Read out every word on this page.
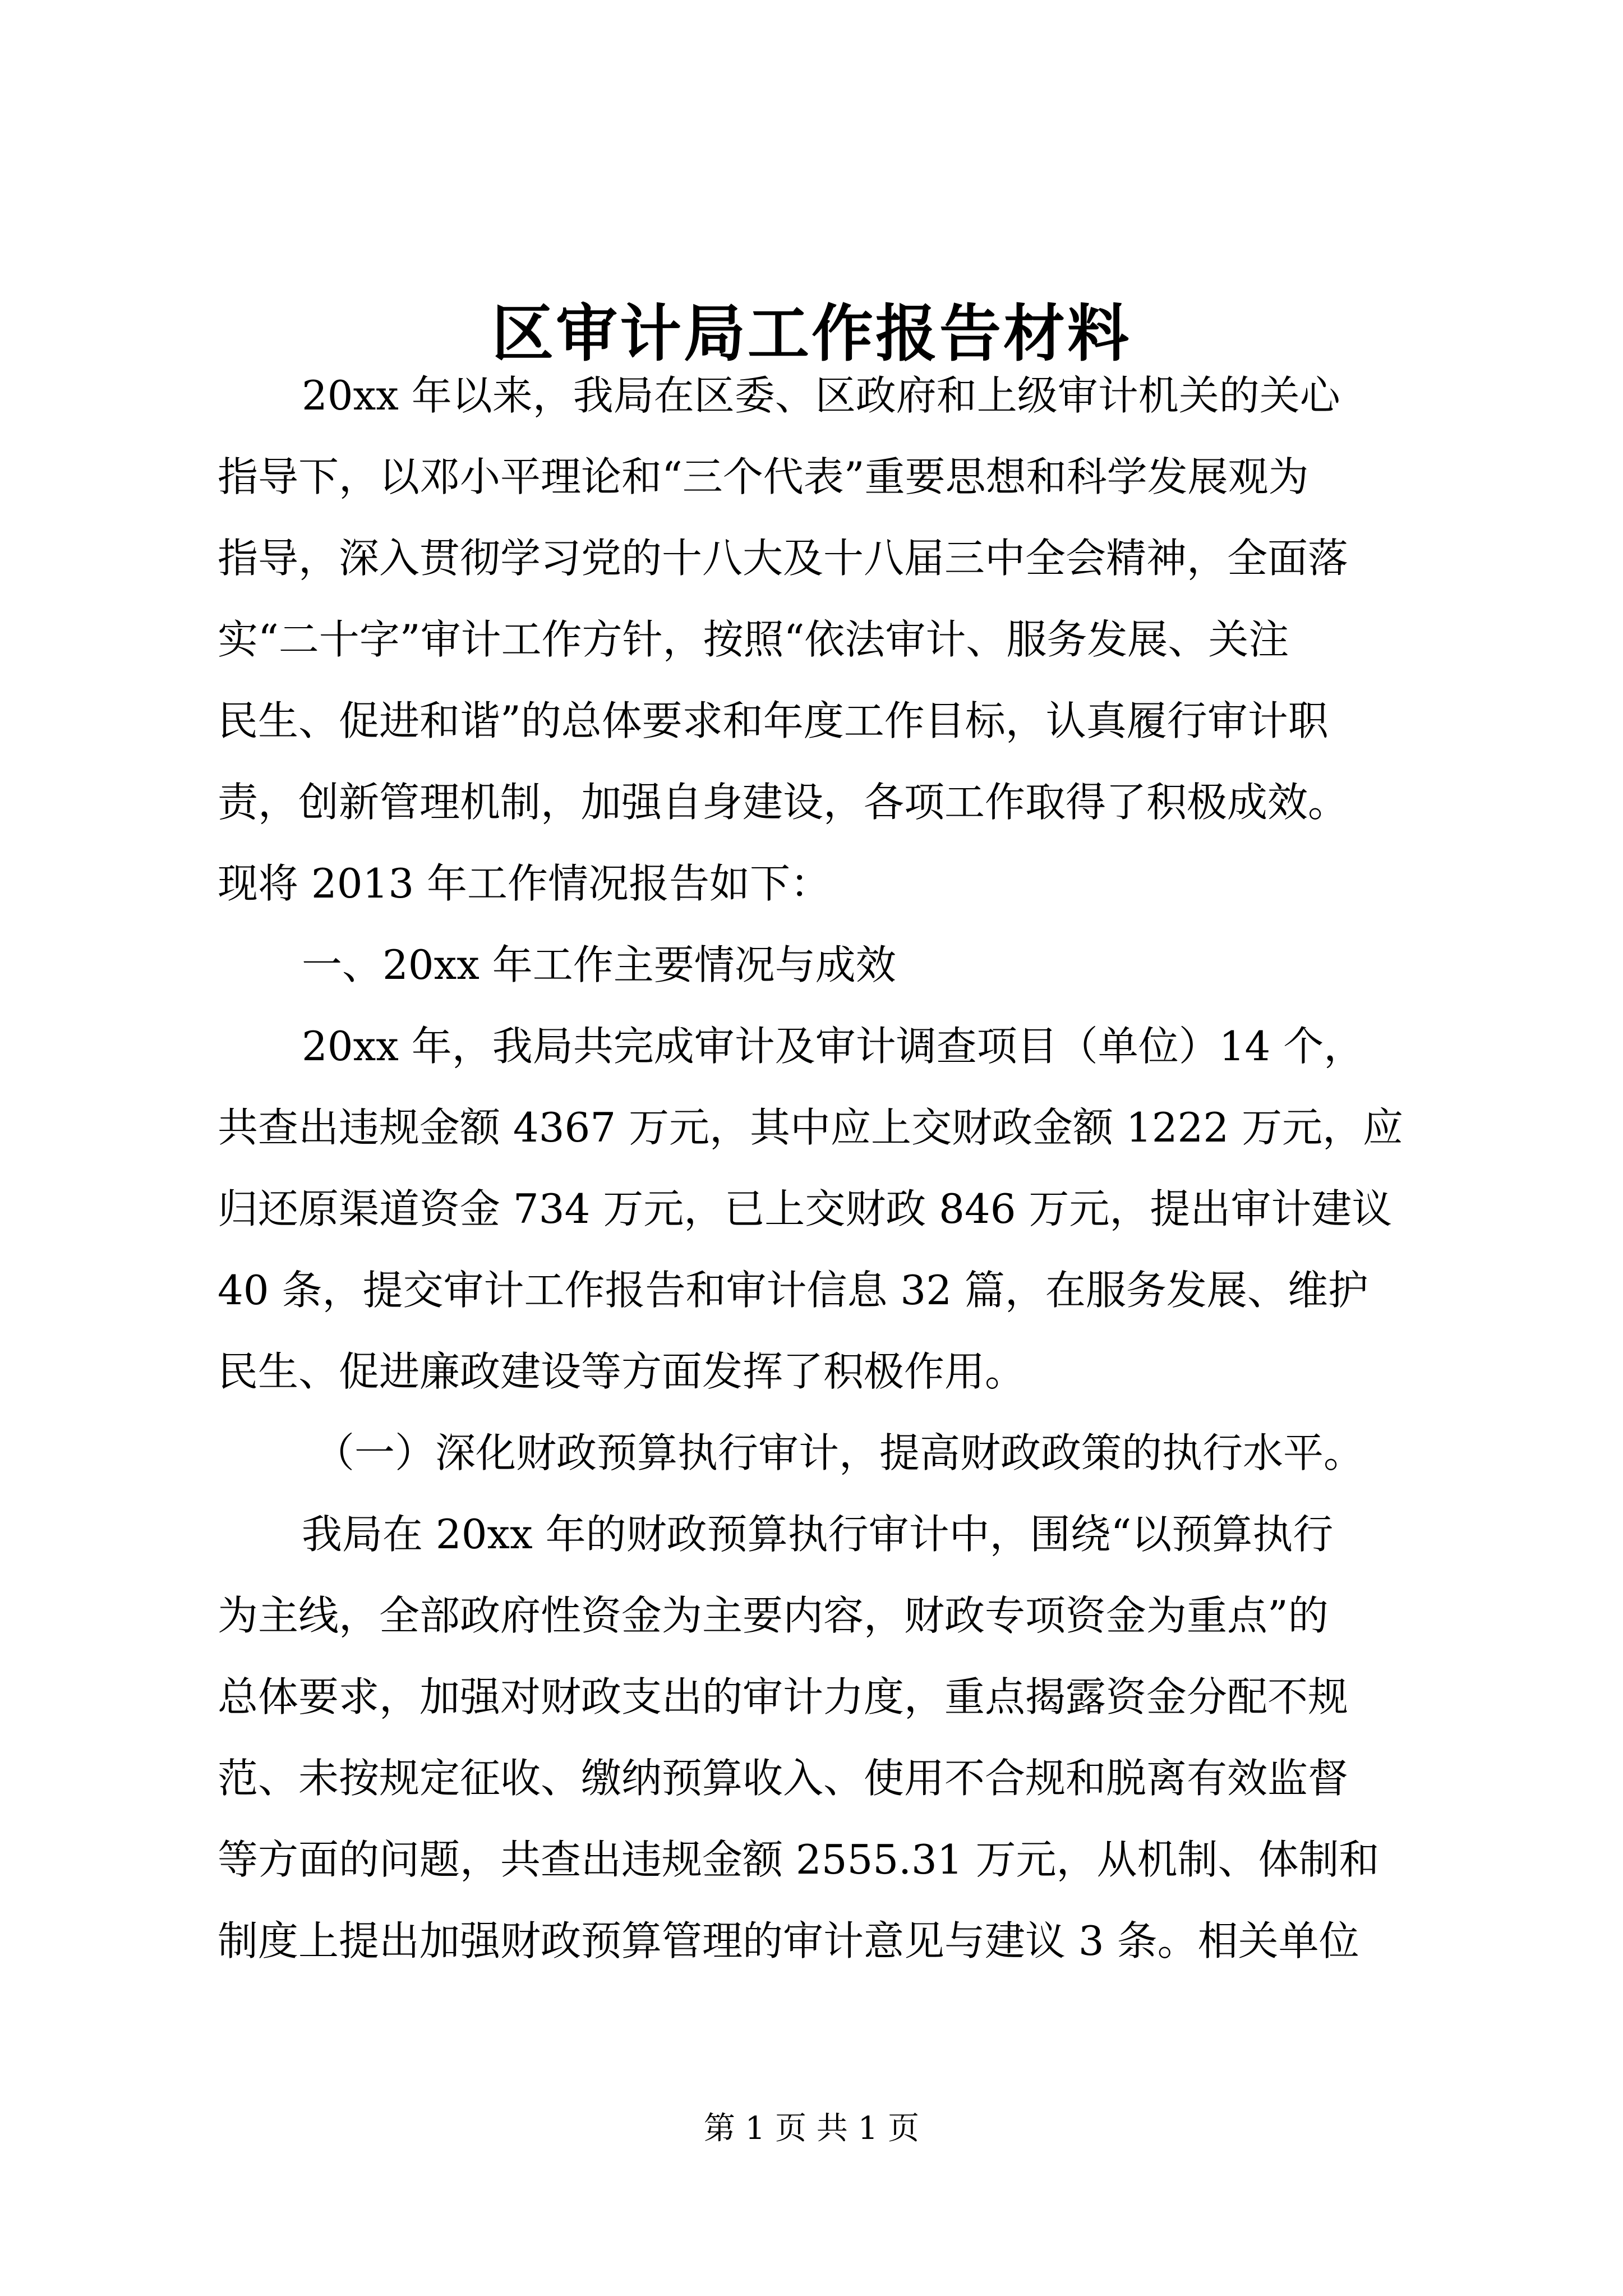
区审计局工作报告材料
20xx 年以来，我局在区委、区政府和上级审计机关的关心
指导下，以邓小平理论和“三个代表”重要思想和科学发展观为
指导，深入贯彻学习党的十八大及十八届三中全会精神，全面落
实“二十字”审计工作方针，按照“依法审计、服务发展、关注
民生、促进和谐”的总体要求和年度工作目标，认真履行审计职
责，创新管理机制，加强自身建设，各项工作取得了积极成效。
现将 2013 年工作情况报告如下：
一、20xx 年工作主要情况与成效
20xx 年，我局共完成审计及审计调查项目（单位）14 个，
共查出违规金额 4367 万元，其中应上交财政金额 1222 万元，应
归还原渠道资金 734 万元，已上交财政 846 万元，提出审计建议
40 条，提交审计工作报告和审计信息 32 篇，在服务发展、维护
民生、促进廉政建设等方面发挥了积极作用。
（一）深化财政预算执行审计，提高财政政策的执行水平。
我局在 20xx 年的财政预算执行审计中，围绕“以预算执行
为主线，全部政府性资金为主要内容，财政专项资金为重点”的
总体要求，加强对财政支出的审计力度，重点揭露资金分配不规
范、未按规定征收、缴纳预算收入、使用不合规和脱离有效监督
等方面的问题，共查出违规金额 2555.31 万元，从机制、体制和
制度上提出加强财政预算管理的审计意见与建议 3 条。相关单位
第 1 页 共 1 页
